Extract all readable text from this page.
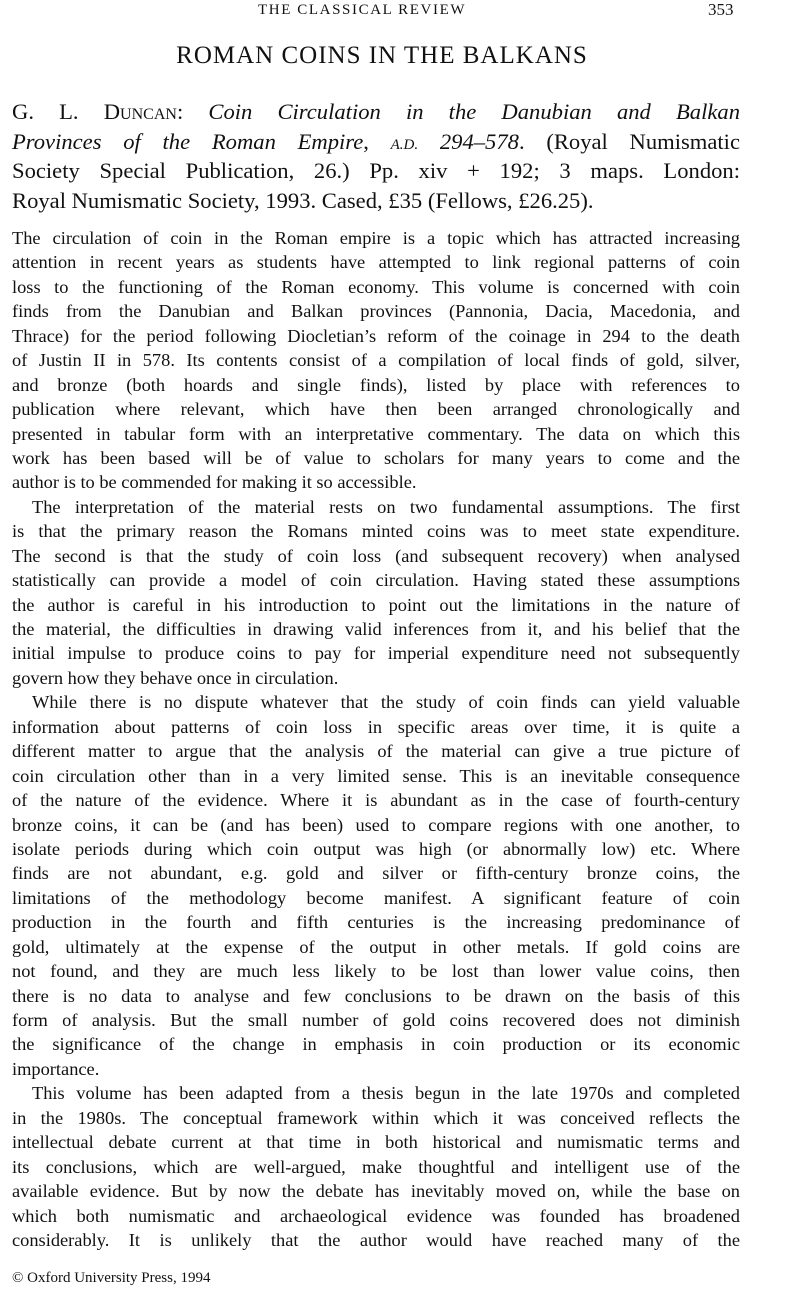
THE CLASSICAL REVIEW	353
ROMAN COINS IN THE BALKANS
G. L. Duncan: Coin Circulation in the Danubian and Balkan
Provinces of the Roman Empire, A.D. 294–578. (Royal Numismatic
Society Special Publication, 26.) Pp. xiv + 192; 3 maps. London:
Royal Numismatic Society, 1993. Cased, £35 (Fellows, £26.25).
The circulation of coin in the Roman empire is a topic which has attracted increasing
attention in recent years as students have attempted to link regional patterns of coin
loss to the functioning of the Roman economy. This volume is concerned with coin
finds from the Danubian and Balkan provinces (Pannonia, Dacia, Macedonia, and
Thrace) for the period following Diocletian’s reform of the coinage in 294 to the death
of Justin II in 578. Its contents consist of a compilation of local finds of gold, silver,
and bronze (both hoards and single finds), listed by place with references to
publication where relevant, which have then been arranged chronologically and
presented in tabular form with an interpretative commentary. The data on which this
work has been based will be of value to scholars for many years to come and the
author is to be commended for making it so accessible.
The interpretation of the material rests on two fundamental assumptions. The first
is that the primary reason the Romans minted coins was to meet state expenditure.
The second is that the study of coin loss (and subsequent recovery) when analysed
statistically can provide a model of coin circulation. Having stated these assumptions
the author is careful in his introduction to point out the limitations in the nature of
the material, the difficulties in drawing valid inferences from it, and his belief that the
initial impulse to produce coins to pay for imperial expenditure need not subsequently
govern how they behave once in circulation.
While there is no dispute whatever that the study of coin finds can yield valuable
information about patterns of coin loss in specific areas over time, it is quite a
different matter to argue that the analysis of the material can give a true picture of
coin circulation other than in a very limited sense. This is an inevitable consequence
of the nature of the evidence. Where it is abundant as in the case of fourth-century
bronze coins, it can be (and has been) used to compare regions with one another, to
isolate periods during which coin output was high (or abnormally low) etc. Where
finds are not abundant, e.g. gold and silver or fifth-century bronze coins, the
limitations of the methodology become manifest. A significant feature of coin
production in the fourth and fifth centuries is the increasing predominance of
gold, ultimately at the expense of the output in other metals. If gold coins are
not found, and they are much less likely to be lost than lower value coins, then
there is no data to analyse and few conclusions to be drawn on the basis of this
form of analysis. But the small number of gold coins recovered does not diminish
the significance of the change in emphasis in coin production or its economic
importance.
This volume has been adapted from a thesis begun in the late 1970s and completed
in the 1980s. The conceptual framework within which it was conceived reflects the
intellectual debate current at that time in both historical and numismatic terms and
its conclusions, which are well-argued, make thoughtful and intelligent use of the
available evidence. But by now the debate has inevitably moved on, while the base on
which both numismatic and archaeological evidence was founded has broadened
considerably. It is unlikely that the author would have reached many of the
© Oxford University Press, 1994
